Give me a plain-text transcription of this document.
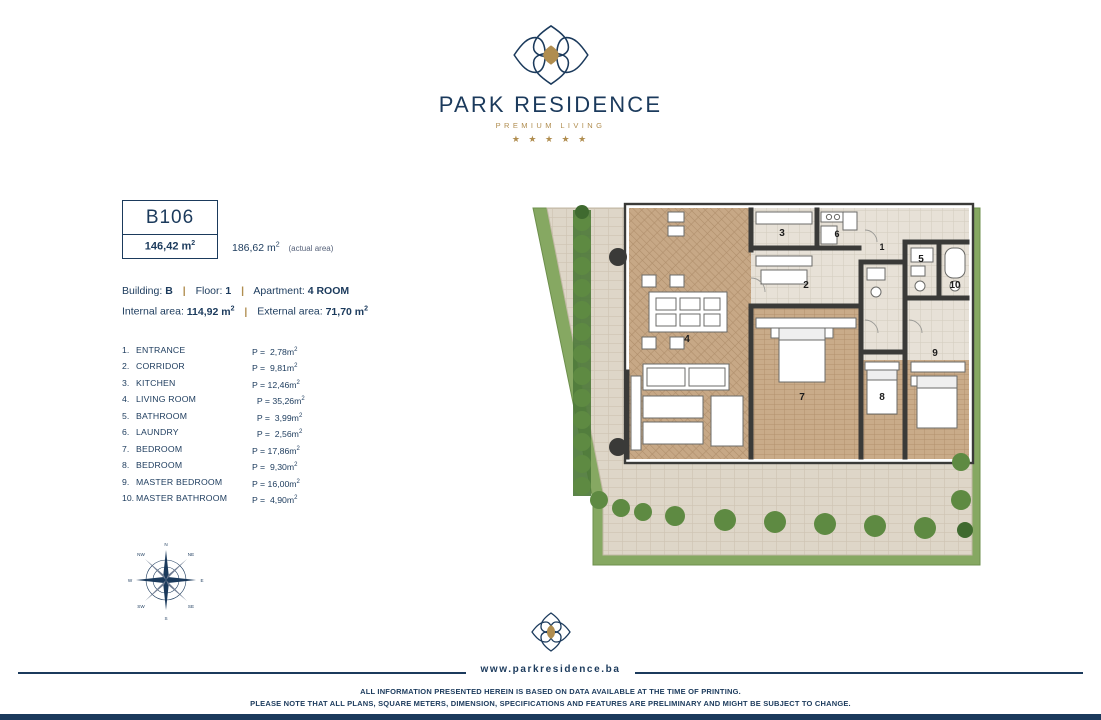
PARK RESIDENCE
PREMIUM LIVING
★ ★ ★ ★ ★
B106
146,42 $m^2$	186,62 $m^2$ (actual area)
Building: B | Floor: 1 | Apartment: 4 ROOM
Internal area: 114,92 $m^2$ | External area: 71,70 $m^2$
1. ENTRANCE	$P = 2,78m^2$
2. CORRIDOR	$P = 9,81m^2$
3. KITCHEN	$P = 12,46m^2$
4. LIVING ROOM	$P = 35,26m^2$
5. BATHROOM	$P = 3,99m^2$
6. LAUNDRY	$P = 2,56m^2$
7. BEDROOM	$P = 17,86m^2$
8. BEDROOM	$P = 9,30m^2$
9. MASTER BEDROOM	$P = 16,00m^2$
10. MASTER BATHROOM	$P = 4,90m^2$
N
S
E
W
NE
NW
SE
SW
1
2
3
4
5
6
7	8
9
10
www.parkresidence.ba
ALL INFORMATION PRESENTED HEREIN IS BASED ON DATA AVAILABLE AT THE TIME OF PRINTING.
PLEASE NOTE THAT ALL PLANS, SQUARE METERS, DIMENSION, SPECIFICATIONS AND FEATURES ARE PRELIMINARY AND MIGHT BE SUBJECT TO CHANGE.
